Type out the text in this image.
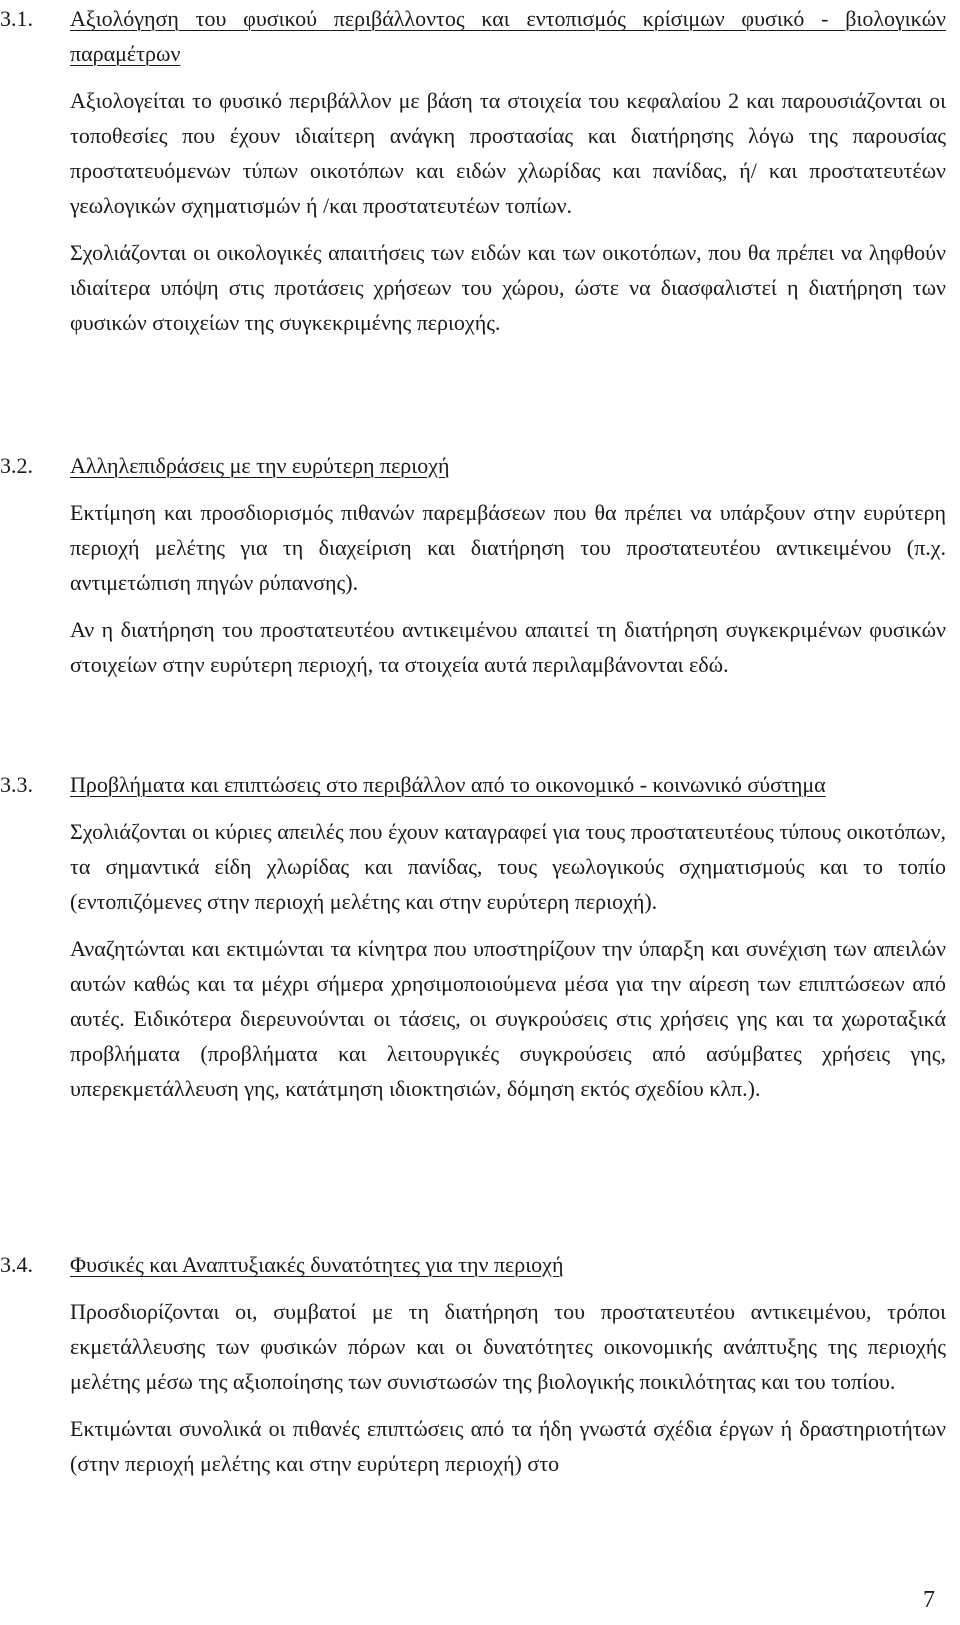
3.1. Αξιολόγηση του φυσικού περιβάλλοντος και εντοπισμός κρίσιμων φυσικό - βιολογικών παραμέτρων

Αξιολογείται το φυσικό περιβάλλον με βάση τα στοιχεία του κεφαλαίου 2 και παρουσιάζονται οι τοποθεσίες που έχουν ιδιαίτερη ανάγκη προστασίας και διατήρησης λόγω της παρουσίας προστατευόμενων τύπων οικοτόπων και ειδών χλωρίδας και πανίδας, ή/ και προστατευτέων γεωλογικών σχηματισμών ή /και προστατευτέων τοπίων.

Σχολιάζονται οι οικολογικές απαιτήσεις των ειδών και των οικοτόπων, που θα πρέπει να ληφθούν ιδιαίτερα υπόψη στις προτάσεις χρήσεων του χώρου, ώστε να διασφαλιστεί η διατήρηση των φυσικών στοιχείων της συγκεκριμένης περιοχής.

3.2. Αλληλεπιδράσεις με την ευρύτερη περιοχή

Εκτίμηση και προσδιορισμός πιθανών παρεμβάσεων που θα πρέπει να υπάρξουν στην ευρύτερη περιοχή μελέτης για τη διαχείριση και διατήρηση του προστατευτέου αντικειμένου (π.χ. αντιμετώπιση πηγών ρύπανσης).

Αν η διατήρηση του προστατευτέου αντικειμένου απαιτεί τη διατήρηση συγκεκριμένων φυσικών στοιχείων στην ευρύτερη περιοχή, τα στοιχεία αυτά περιλαμβάνονται εδώ.

3.3. Προβλήματα και επιπτώσεις στο περιβάλλον από το οικονομικό - κοινωνικό σύστημα

Σχολιάζονται οι κύριες απειλές που έχουν καταγραφεί για τους προστατευτέους τύπους οικοτόπων, τα σημαντικά είδη χλωρίδας και πανίδας, τους γεωλογικούς σχηματισμούς και το τοπίο (εντοπιζόμενες στην περιοχή μελέτης και στην ευρύτερη περιοχή).

Αναζητώνται και εκτιμώνται τα κίνητρα που υποστηρίζουν την ύπαρξη και συνέχιση των απειλών αυτών καθώς και τα μέχρι σήμερα χρησιμοποιούμενα μέσα για την αίρεση των επιπτώσεων από αυτές. Ειδικότερα διερευνούνται οι τάσεις, οι συγκρούσεις στις χρήσεις γης και τα χωροταξικά προβλήματα (προβλήματα και λειτουργικές συγκρούσεις από ασύμβατες χρήσεις γης, υπερεκμετάλλευση γης, κατάτμηση ιδιοκτησιών, δόμηση εκτός σχεδίου κλπ.).

3.4. Φυσικές και Αναπτυξιακές δυνατότητες για την περιοχή

Προσδιορίζονται οι, συμβατοί με τη διατήρηση του προστατευτέου αντικειμένου, τρόποι εκμετάλλευσης των φυσικών πόρων και οι δυνατότητες οικονομικής ανάπτυξης της περιοχής μελέτης μέσω της αξιοποίησης των συνιστωσών της βιολογικής ποικιλότητας και του τοπίου.

Εκτιμώνται συνολικά οι πιθανές επιπτώσεις από τα ήδη γνωστά σχέδια έργων ή δραστηριοτήτων (στην περιοχή μελέτης και στην ευρύτερη περιοχή) στο

7
